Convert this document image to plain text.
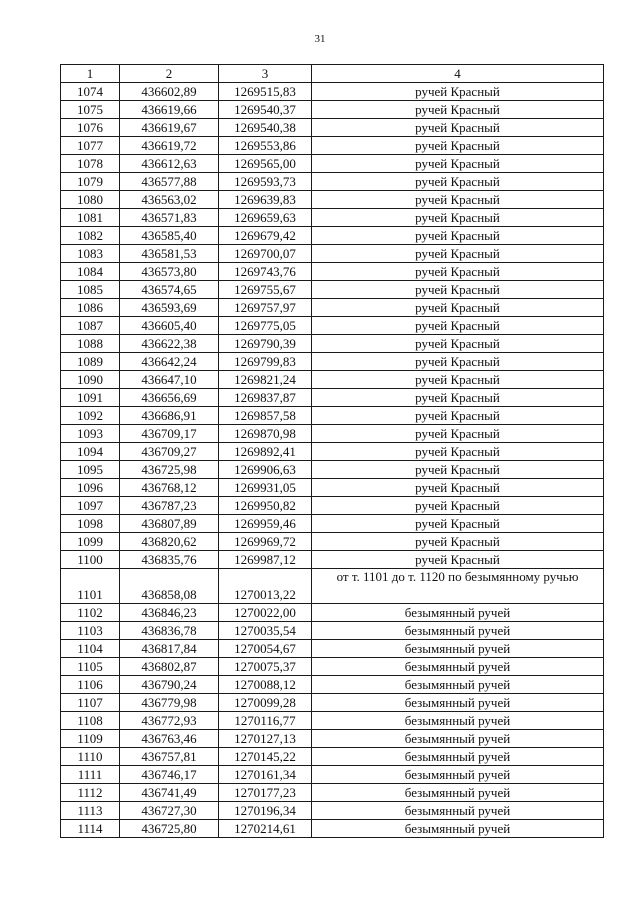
31
1	2	3	4
1074	436602,89	1269515,83	ручей Красный
1075	436619,66	1269540,37	ручей Красный
1076	436619,67	1269540,38	ручей Красный
1077	436619,72	1269553,86	ручей Красный
1078	436612,63	1269565,00	ручей Красный
1079	436577,88	1269593,73	ручей Красный
1080	436563,02	1269639,83	ручей Красный
1081	436571,83	1269659,63	ручей Красный
1082	436585,40	1269679,42	ручей Красный
1083	436581,53	1269700,07	ручей Красный
1084	436573,80	1269743,76	ручей Красный
1085	436574,65	1269755,67	ручей Красный
1086	436593,69	1269757,97	ручей Красный
1087	436605,40	1269775,05	ручей Красный
1088	436622,38	1269790,39	ручей Красный
1089	436642,24	1269799,83	ручей Красный
1090	436647,10	1269821,24	ручей Красный
1091	436656,69	1269837,87	ручей Красный
1092	436686,91	1269857,58	ручей Красный
1093	436709,17	1269870,98	ручей Красный
1094	436709,27	1269892,41	ручей Красный
1095	436725,98	1269906,63	ручей Красный
1096	436768,12	1269931,05	ручей Красный
1097	436787,23	1269950,82	ручей Красный
1098	436807,89	1269959,46	ручей Красный
1099	436820,62	1269969,72	ручей Красный
1100	436835,76	1269987,12	ручей Красный
1101	436858,08	1270013,22	от т. 1101 до т. 1120 по безымянному ручью
1102	436846,23	1270022,00	безымянный ручей
1103	436836,78	1270035,54	безымянный ручей
1104	436817,84	1270054,67	безымянный ручей
1105	436802,87	1270075,37	безымянный ручей
1106	436790,24	1270088,12	безымянный ручей
1107	436779,98	1270099,28	безымянный ручей
1108	436772,93	1270116,77	безымянный ручей
1109	436763,46	1270127,13	безымянный ручей
1110	436757,81	1270145,22	безымянный ручей
1111	436746,17	1270161,34	безымянный ручей
1112	436741,49	1270177,23	безымянный ручей
1113	436727,30	1270196,34	безымянный ручей
1114	436725,80	1270214,61	безымянный ручей
